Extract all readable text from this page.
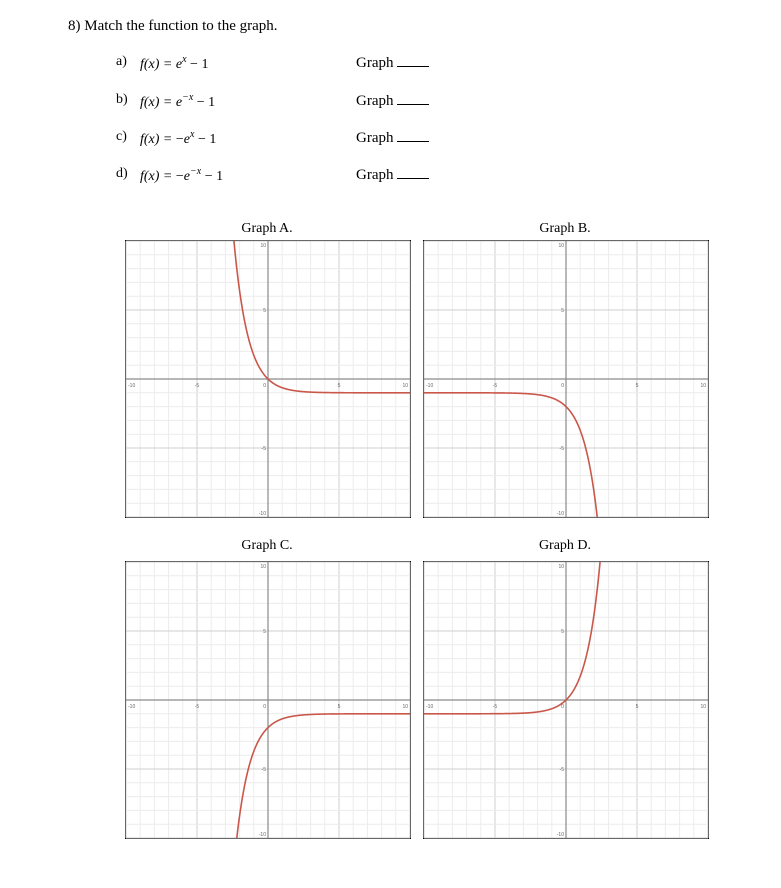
8) Match the function to the graph.
a) $f(x) = e^x - 1$	Graph
b) $f(x) = e^{-x} - 1$	Graph
c) $f(x) = -e^x - 1$	Graph
d) $f(x) = -e^{-x} - 1$	Graph
Graph A.	Graph B.
Graph C.	Graph D.
-10	-5	0	5	10
10
5
-5
-10
-10	-5	0	5	10
10
5
-5
-10
-10	-5	0	5	10
10
5
-5
-10
-10	-5	0	5	10
10
5
-5
-10
